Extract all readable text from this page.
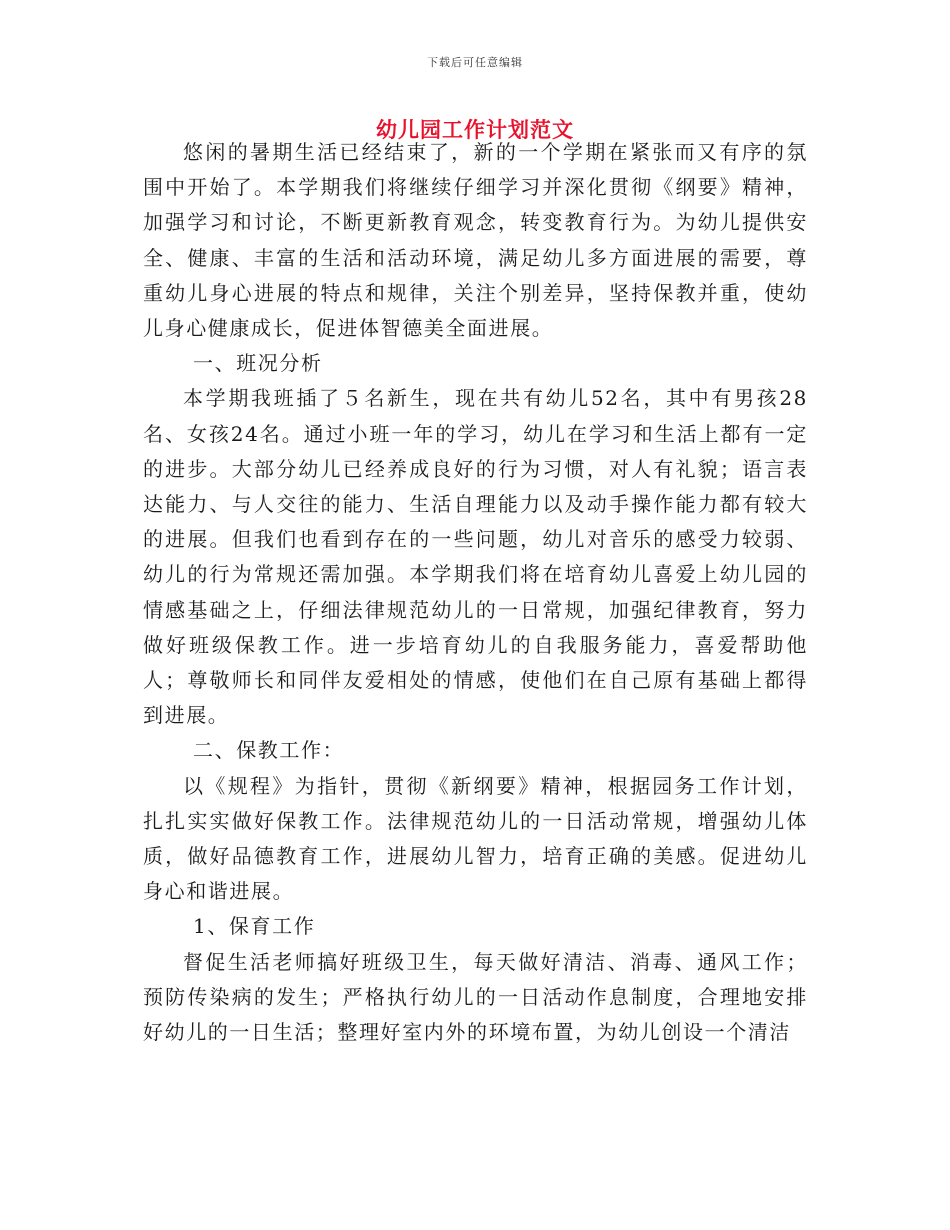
下载后可任意编辑
幼儿园工作计划范文

悠闲的暑期生活已经结束了，新的一个学期在紧张而又有序的氛围中开始了。本学期我们将继续仔细学习并深化贯彻《纲要》精神，加强学习和讨论，不断更新教育观念，转变教育行为。为幼儿提供安全、健康、丰富的生活和活动环境，满足幼儿多方面进展的需要，尊重幼儿身心进展的特点和规律，关注个别差异，坚持保教并重，使幼儿身心健康成长，促进体智德美全面进展。

一、班况分析

本学期我班插了５名新生，现在共有幼儿52名，其中有男孩28名、女孩24名。通过小班一年的学习，幼儿在学习和生活上都有一定的进步。大部分幼儿已经养成良好的行为习惯，对人有礼貌；语言表达能力、与人交往的能力、生活自理能力以及动手操作能力都有较大的进展。但我们也看到存在的一些问题，幼儿对音乐的感受力较弱、幼儿的行为常规还需加强。本学期我们将在培育幼儿喜爱上幼儿园的情感基础之上，仔细法律规范幼儿的一日常规，加强纪律教育，努力做好班级保教工作。进一步培育幼儿的自我服务能力，喜爱帮助他人；尊敬师长和同伴友爱相处的情感，使他们在自己原有基础上都得到进展。

二、保教工作：

以《规程》为指针，贯彻《新纲要》精神，根据园务工作计划，扎扎实实做好保教工作。法律规范幼儿的一日活动常规，增强幼儿体质，做好品德教育工作，进展幼儿智力，培育正确的美感。促进幼儿身心和谐进展。

1、保育工作

督促生活老师搞好班级卫生，每天做好清洁、消毒、通风工作；预防传染病的发生；严格执行幼儿的一日活动作息制度，合理地安排好幼儿的一日生活；整理好室内外的环境布置，为幼儿创设一个清洁
